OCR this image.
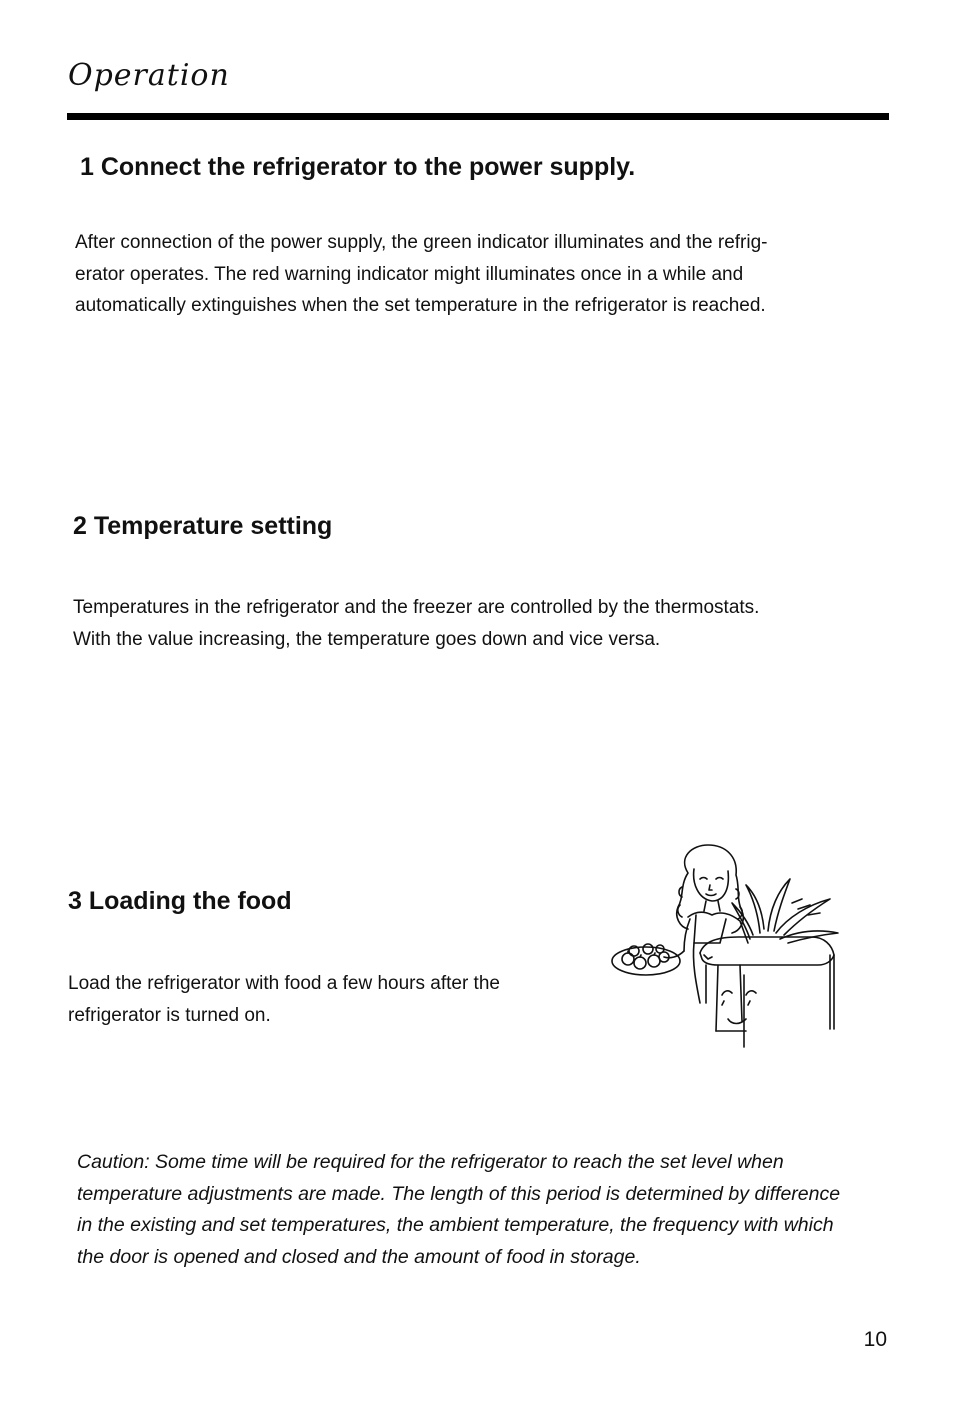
Operation
1 Connect the refrigerator to the power supply.

After connection of the power supply, the green indicator illuminates and the refrig-
erator operates. The red warning indicator might illuminates once in a while and
automatically extinguishes when the set temperature in the refrigerator is reached.

2 Temperature setting

Temperatures in the refrigerator and the freezer are controlled by the thermostats.
With the value increasing, the temperature goes down and vice versa.

3 Loading the food

Load the refrigerator with food a few hours after the
refrigerator is turned on.

Caution: Some time will be required for the refrigerator to reach the set level when
temperature adjustments are made. The length of this period is determined by difference
in the existing and set temperatures, the ambient temperature, the frequency with which
the door is opened and closed and the amount of food in storage.

10
